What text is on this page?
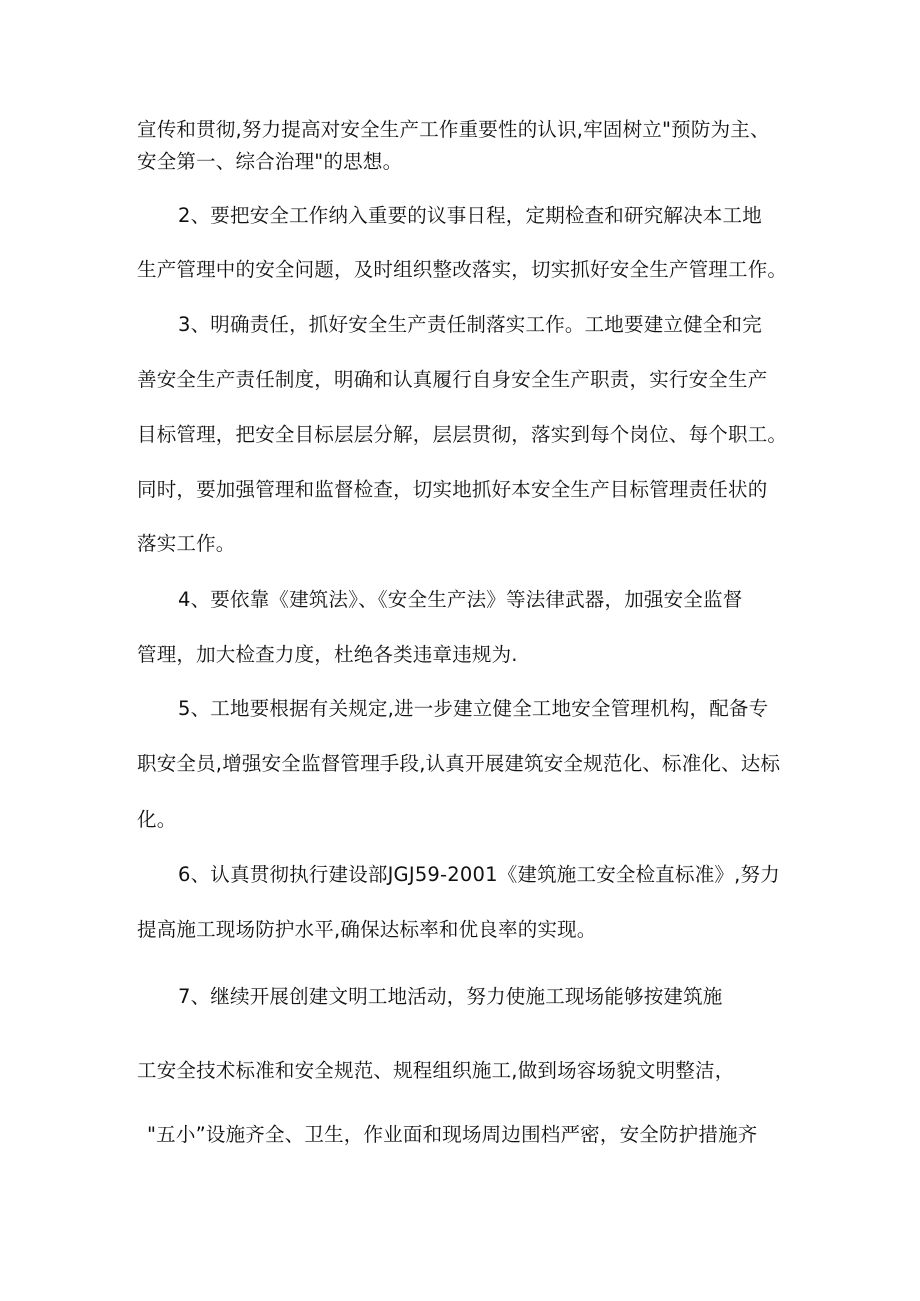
宣传和贯彻,努力提高对安全生产工作重要性的认识,牢固树立"预防为主、
安全第一、综合治理"的思想。
2、要把安全工作纳入重要的议事日程，定期检查和研究解决本工地
生产管理中的安全问题，及时组织整改落实，切实抓好安全生产管理工作。
3、明确责任，抓好安全生产责任制落实工作。工地要建立健全和完
善安全生产责任制度，明确和认真履行自身安全生产职责，实行安全生产
目标管理，把安全目标层层分解，层层贯彻，落实到每个岗位、每个职工。
同时，要加强管理和监督检查，切实地抓好本安全生产目标管理责任状的
落实工作。
4、要依靠《建筑法》、《安全生产法》等法律武器，加强安全监督
管理，加大检查力度，杜绝各类违章违规为.
5、工地要根据有关规定,进一步建立健全工地安全管理机构，配备专
职安全员,增强安全监督管理手段,认真开展建筑安全规范化、标准化、达标
化。
6、认真贯彻执行建设部JGJ59-2001《建筑施工安全检直标准》,努力
提高施工现场防护水平,确保达标率和优良率的实现。
7、继续开展创建文明工地活动，努力使施工现场能够按建筑施
工安全技术标准和安全规范、规程组织施工,做到场容场貌文明整洁，
"五小”设施齐全、卫生，作业面和现场周边围档严密，安全防护措施齐
